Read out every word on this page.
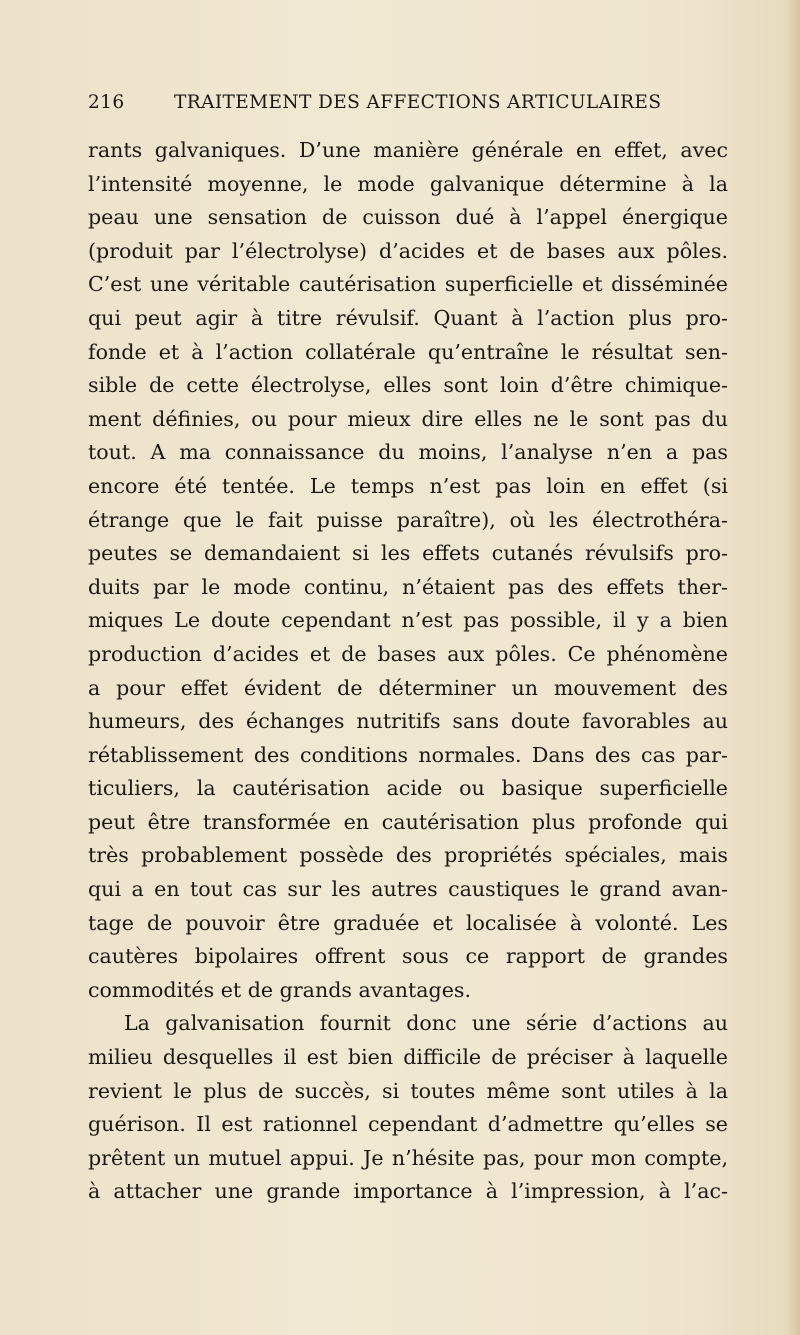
216	TRAITEMENT DES AFFECTIONS ARTICULAIRES
rants galvaniques. D’une manière générale en effet, avec
l’intensité moyenne, le mode galvanique détermine à la
peau une sensation de cuisson dué à l’appel énergique
(produit par l’électrolyse) d’acides et de bases aux pôles.
C’est une véritable cautérisation superficielle et disséminée
qui peut agir à titre révulsif. Quant à l’action plus pro-
fonde et à l’action collatérale qu’entraîne le résultat sen-
sible de cette électrolyse, elles sont loin d’être chimique-
ment définies, ou pour mieux dire elles ne le sont pas du
tout. A ma connaissance du moins, l’analyse n’en a pas
encore été tentée. Le temps n’est pas loin en effet (si
étrange que le fait puisse paraître), où les électrothéra-
peutes se demandaient si les effets cutanés révulsifs pro-
duits par le mode continu, n’étaient pas des effets ther-
miques Le doute cependant n’est pas possible, il y a bien
production d’acides et de bases aux pôles. Ce phénomène
a pour effet évident de déterminer un mouvement des
humeurs, des échanges nutritifs sans doute favorables au
rétablissement des conditions normales. Dans des cas par-
ticuliers, la cautérisation acide ou basique superficielle
peut être transformée en cautérisation plus profonde qui
très probablement possède des propriétés spéciales, mais
qui a en tout cas sur les autres caustiques le grand avan-
tage de pouvoir être graduée et localisée à volonté. Les
cautères bipolaires offrent sous ce rapport de grandes
commodités et de grands avantages.
La galvanisation fournit donc une série d’actions au
milieu desquelles il est bien difficile de préciser à laquelle
revient le plus de succès, si toutes même sont utiles à la
guérison. Il est rationnel cependant d’admettre qu’elles se
prêtent un mutuel appui. Je n’hésite pas, pour mon compte,
à attacher une grande importance à l’impression, à l’ac-
